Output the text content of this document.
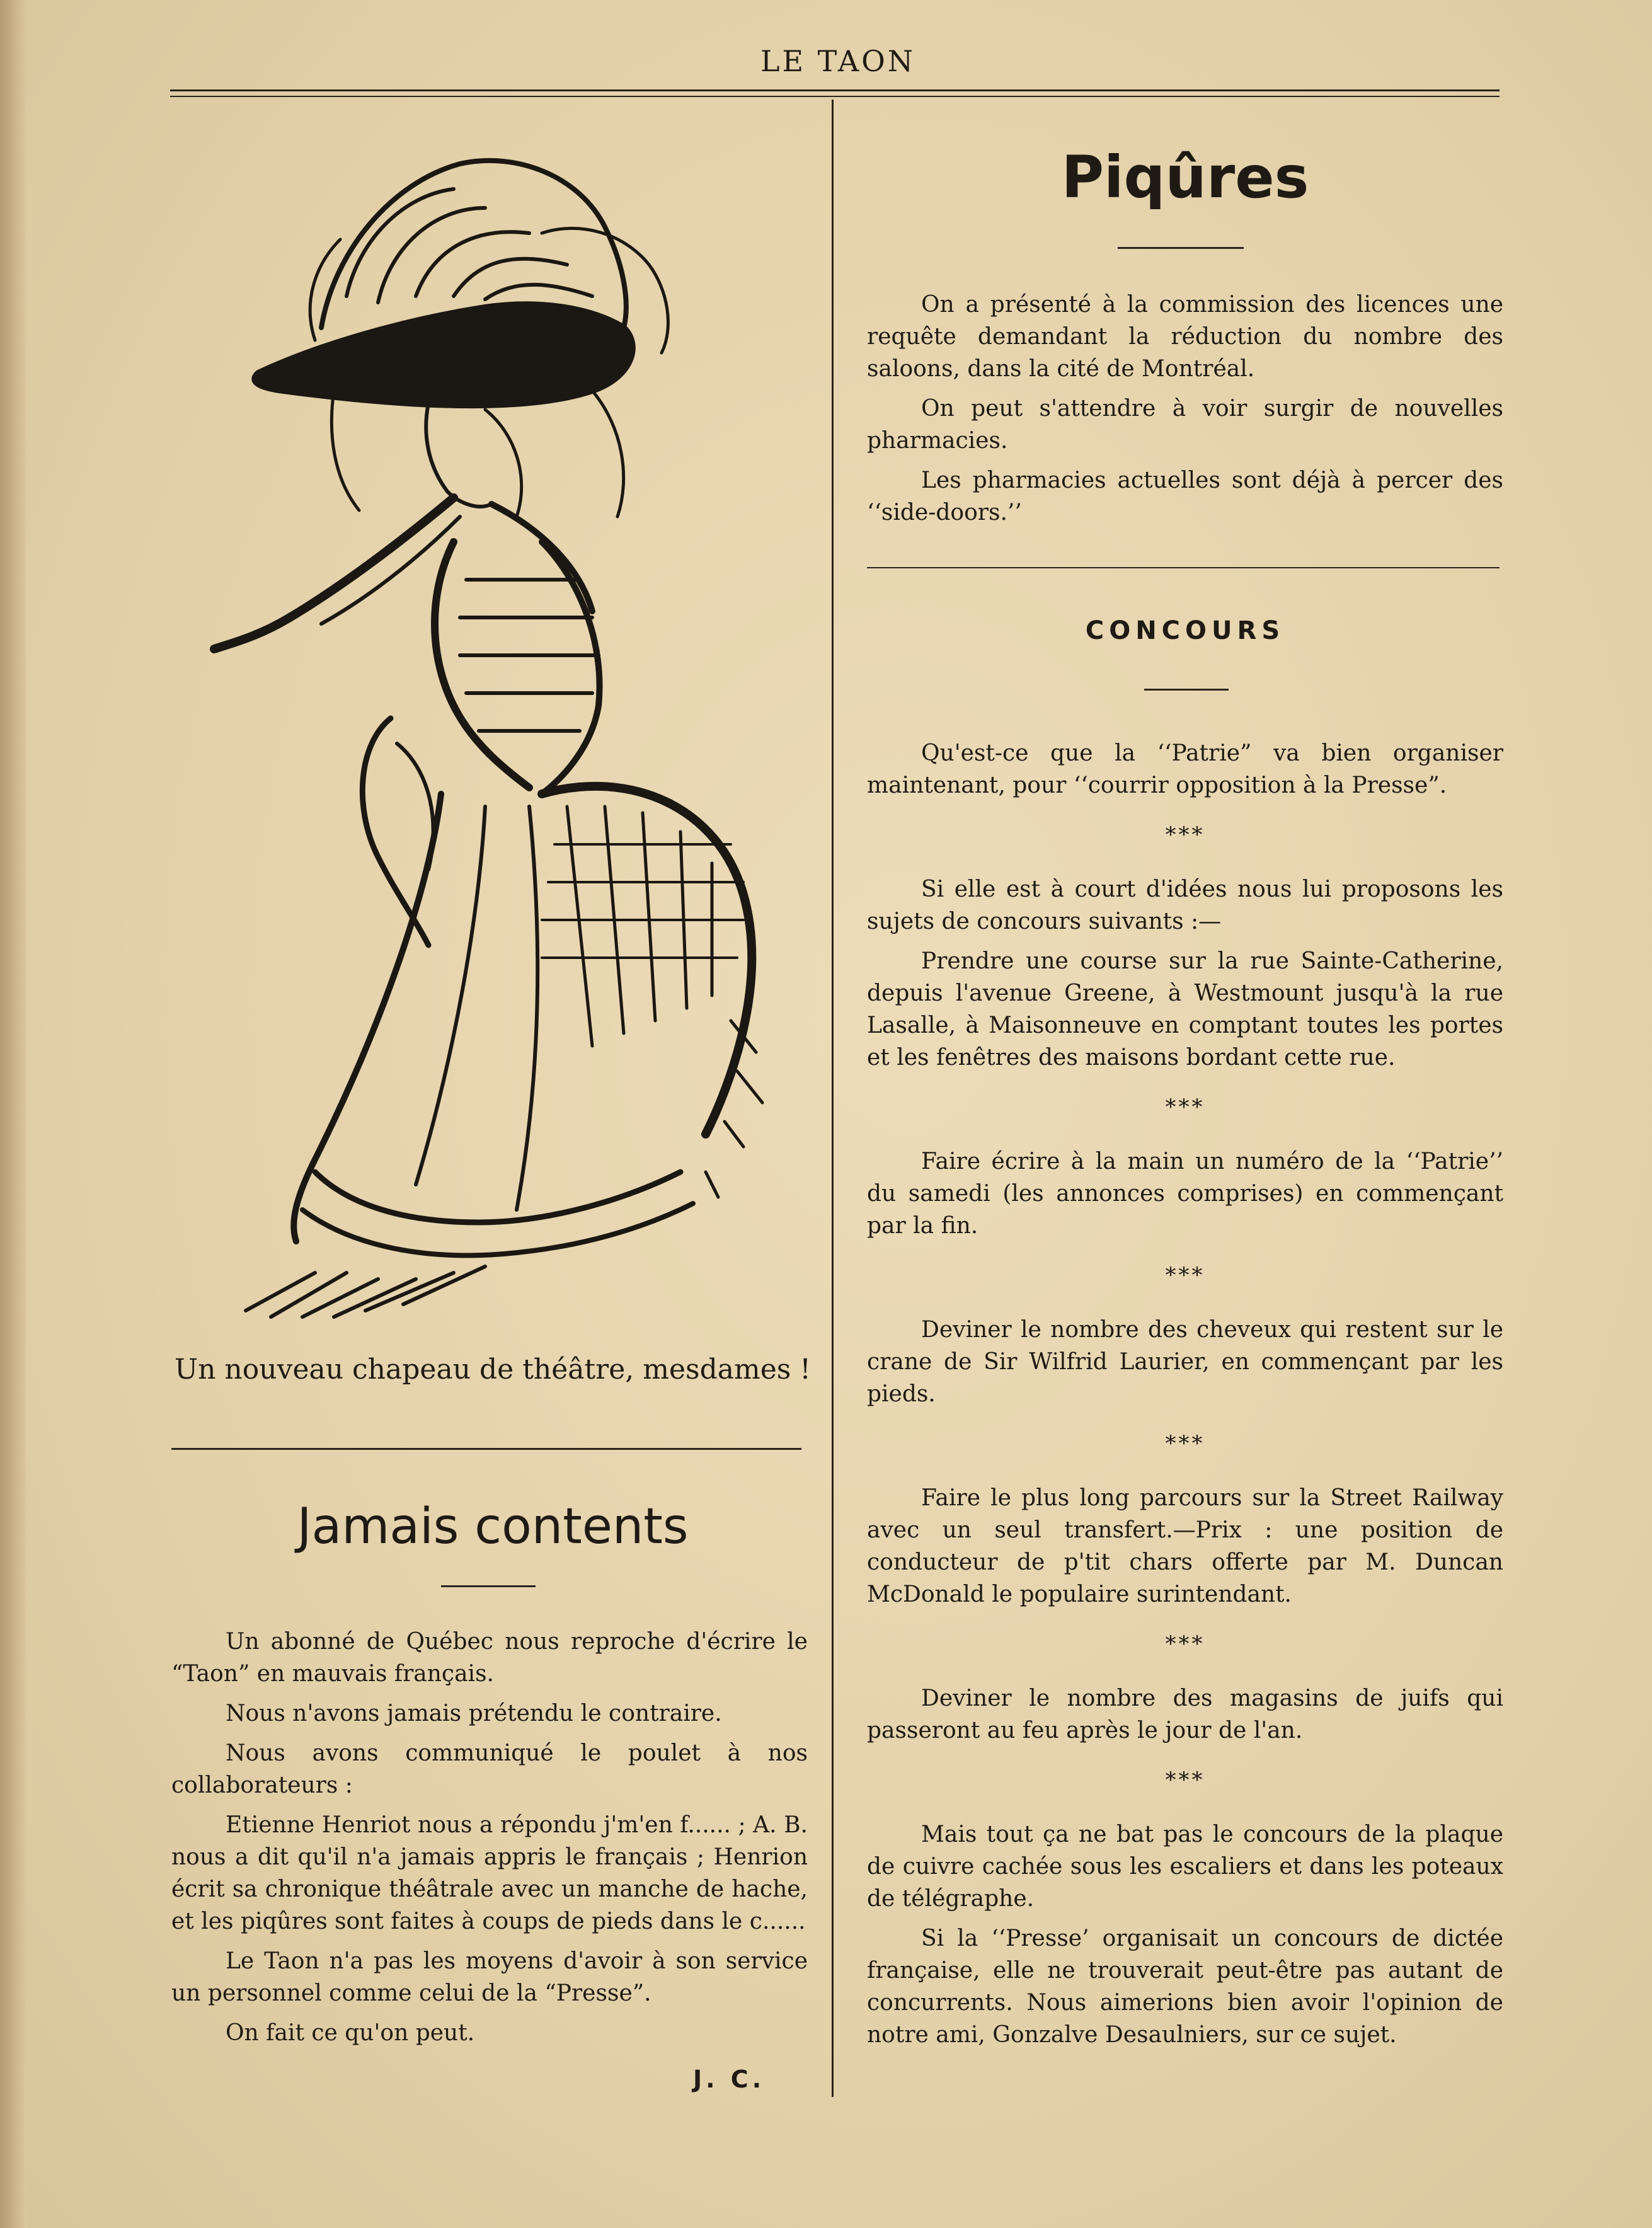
LE TAON
Un nouveau chapeau de théâtre, mesdames !
Jamais contents

Un abonné de Québec nous reproche d'écrire le “Taon” en mauvais français.

Nous n'avons jamais prétendu le contraire.

Nous avons communiqué le poulet à nos collaborateurs :

Etienne Henriot nous a répondu j'm'en f...... ; A. B. nous a dit qu'il n'a jamais appris le français ; Henrion écrit sa chronique théâtrale avec un manche de hache, et les piqûres sont faites à coups de pieds dans le c......

Le Taon n'a pas les moyens d'avoir à son service un personnel comme celui de la “Presse”.

On fait ce qu'on peut.

J. C.
Piqûres

On a présenté à la commission des licences une requête demandant la réduction du nombre des saloons, dans la cité de Montréal.

On peut s'attendre à voir surgir de nouvelles pharmacies.

Les pharmacies actuelles sont déjà à percer des ‘‘side-doors.’’

CONCOURS

Qu'est-ce que la ‘‘Patrie” va bien organiser maintenant, pour ‘‘courrir opposition à la Presse”.

***

Si elle est à court d'idées nous lui proposons les sujets de concours suivants :—

Prendre une course sur la rue Sainte-Catherine, depuis l'avenue Greene, à Westmount jusqu'à la rue Lasalle, à Maisonneuve en comptant toutes les portes et les fenêtres des maisons bordant cette rue.

***

Faire écrire à la main un numéro de la ‘‘Patrie’’ du samedi (les annonces comprises) en commençant par la fin.

***

Deviner le nombre des cheveux qui restent sur le crane de Sir Wilfrid Laurier, en commençant par les pieds.

***

Faire le plus long parcours sur la Street Railway avec un seul transfert.—Prix : une position de conducteur de p'tit chars offerte par M. Duncan McDonald le populaire surintendant.

***

Deviner le nombre des magasins de juifs qui passeront au feu après le jour de l'an.

***

Mais tout ça ne bat pas le concours de la plaque de cuivre cachée sous les escaliers et dans les poteaux de télégraphe.

Si la ‘‘Presse’ organisait un concours de dictée française, elle ne trouverait peut-être pas autant de concurrents. Nous aimerions bien avoir l'opinion de notre ami, Gonzalve Desaulniers, sur ce sujet.
